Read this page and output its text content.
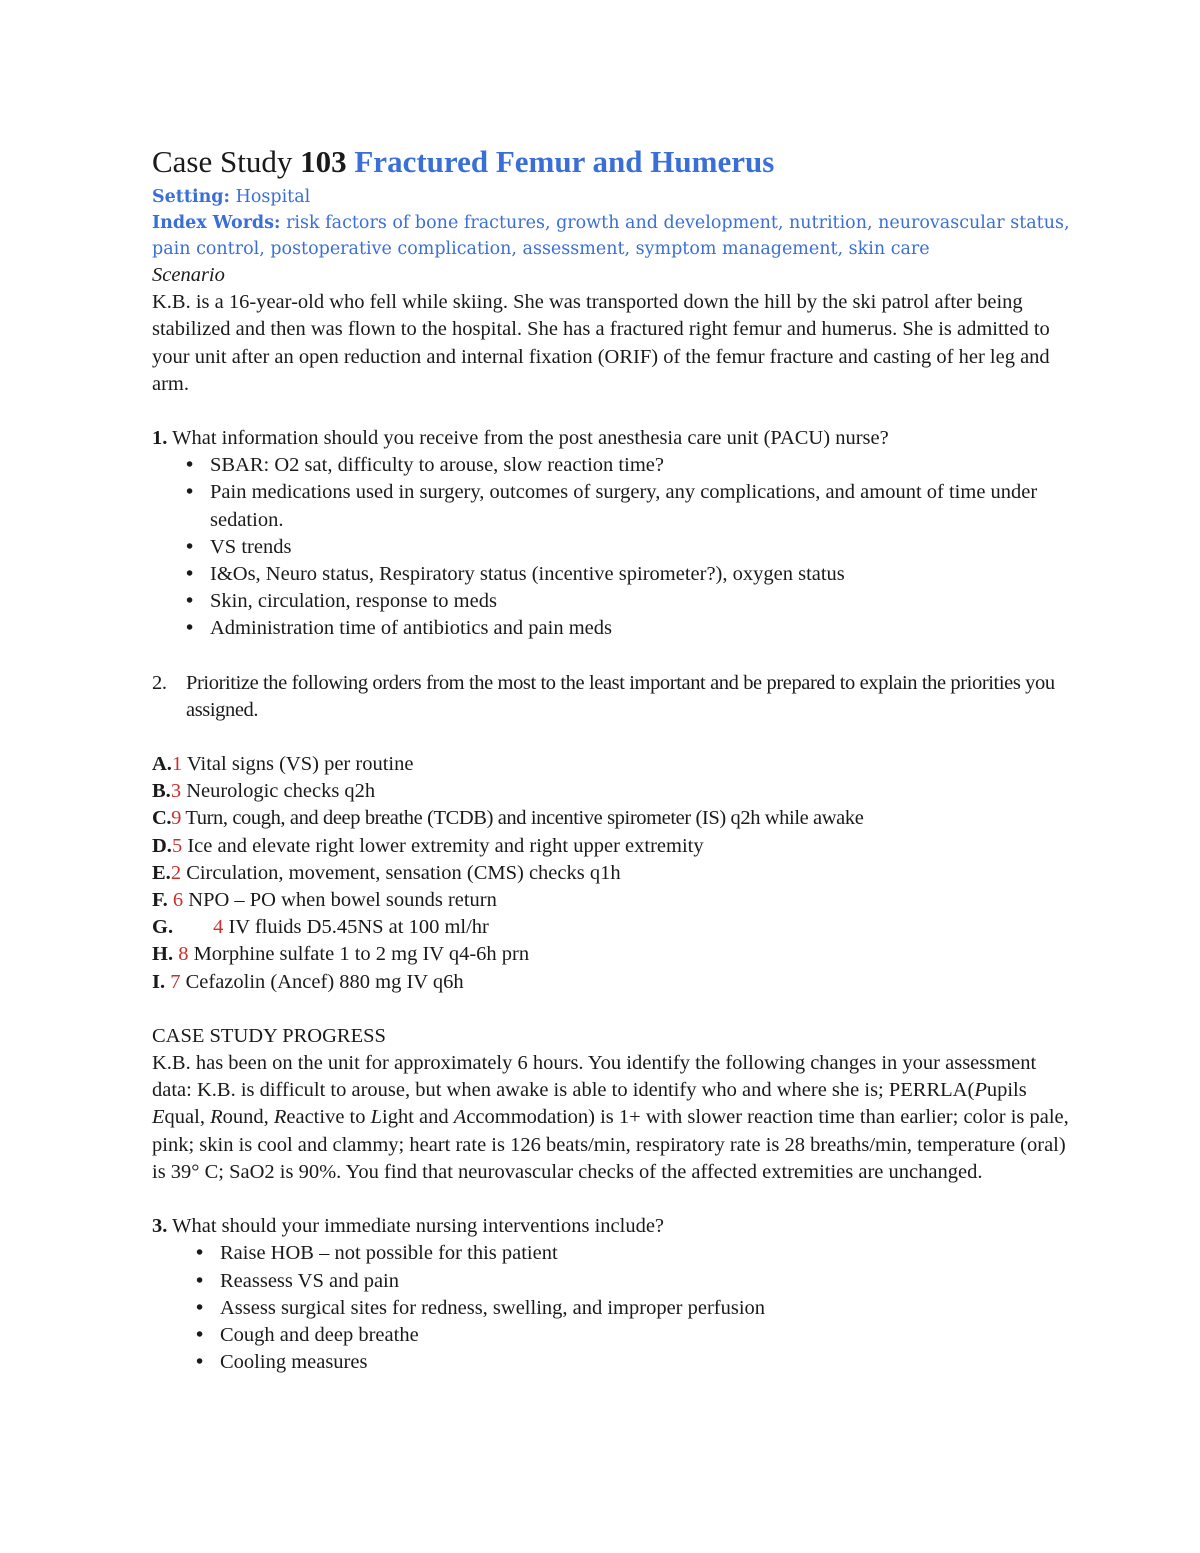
Case Study 103 Fractured Femur and Humerus
Setting: Hospital
Index Words: risk factors of bone fractures, growth and development, nutrition, neurovascular status, pain control, postoperative complication, assessment, symptom management, skin care

Scenario

K.B. is a 16-year-old who fell while skiing. She was transported down the hill by the ski patrol after being stabilized and then was flown to the hospital. She has a fractured right femur and humerus. She is admitted to your unit after an open reduction and internal fixation (ORIF) of the femur fracture and casting of her leg and arm.

1. What information should you receive from the post anesthesia care unit (PACU) nurse?

• SBAR: O2 sat, difficulty to arouse, slow reaction time?
• Pain medications used in surgery, outcomes of surgery, any complications, and amount of time under sedation.
• VS trends
• I&Os, Neuro status, Respiratory status (incentive spirometer?), oxygen status
• Skin, circulation, response to meds
• Administration time of antibiotics and pain meds
2. Prioritize the following orders from the most to the least important and be prepared to explain the priorities you assigned.
A.1 Vital signs (VS) per routine
B.3 Neurologic checks q2h
C.9 Turn, cough, and deep breathe (TCDB) and incentive spirometer (IS) q2h while awake
D.5 Ice and elevate right lower extremity and right upper extremity
E.2 Circulation, movement, sensation (CMS) checks q1h
F. 6 NPO – PO when bowel sounds return
G. 4 IV fluids D5.45NS at 100 ml/hr
H. 8 Morphine sulfate 1 to 2 mg IV q4-6h prn
I. 7 Cefazolin (Ancef) 880 mg IV q6h

CASE STUDY PROGRESS

K.B. has been on the unit for approximately 6 hours. You identify the following changes in your assessment data: K.B. is difficult to arouse, but when awake is able to identify who and where she is; PERRLA(Pupils Equal, Round, Reactive to Light and Accommodation) is 1+ with slower reaction time than earlier; color is pale, pink; skin is cool and clammy; heart rate is 126 beats/min, respiratory rate is 28 breaths/min, temperature (oral) is 39° C; SaO2 is 90%. You find that neurovascular checks of the affected extremities are unchanged.

3. What should your immediate nursing interventions include?

• Raise HOB – not possible for this patient
• Reassess VS and pain
• Assess surgical sites for redness, swelling, and improper perfusion
• Cough and deep breathe
• Cooling measures
